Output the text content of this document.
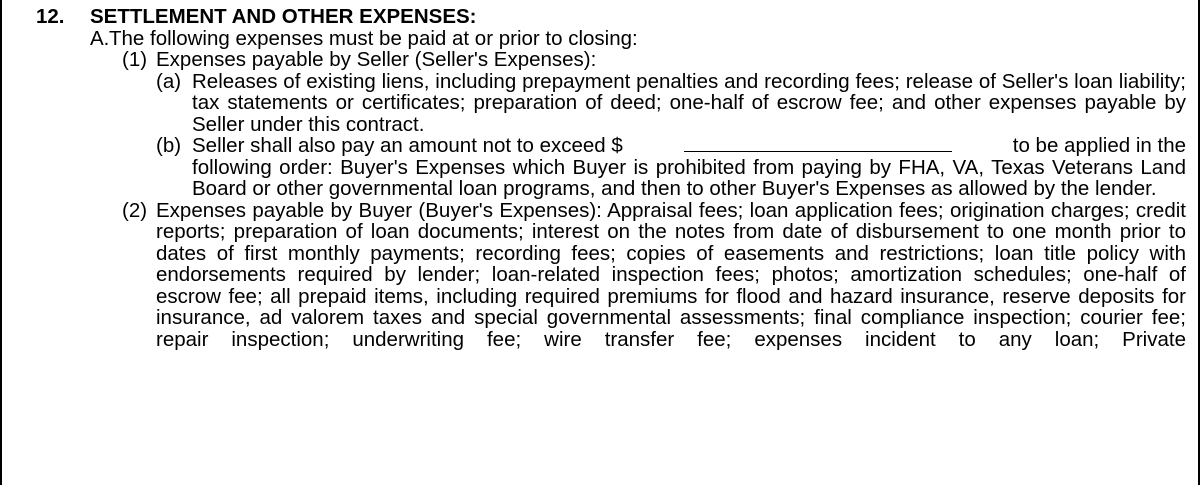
12.	SETTLEMENT AND OTHER EXPENSES:
A. The following expenses must be paid at or prior to closing:
(1) Expenses payable by Seller (Seller's Expenses):
(a) Releases of existing liens, including prepayment penalties and recording fees; release of Seller's loan liability; tax statements or certificates; preparation of deed; one-half of escrow fee; and other expenses payable by Seller under this contract.
(b) Seller shall also pay an amount not to exceed $	to be applied in the
following order: Buyer's Expenses which Buyer is prohibited from paying by FHA, VA, Texas Veterans Land Board or other governmental loan programs, and then to other Buyer's Expenses as allowed by the lender.
(2) Expenses payable by Buyer (Buyer's Expenses): Appraisal fees; loan application fees; origination charges; credit reports; preparation of loan documents; interest on the notes from date of disbursement to one month prior to dates of first monthly payments; recording fees; copies of easements and restrictions; loan title policy with endorsements required by lender; loan-related inspection fees; photos; amortization schedules; one-half of escrow fee; all prepaid items, including required premiums for flood and hazard insurance, reserve deposits for insurance, ad valorem taxes and special governmental assessments; final compliance inspection; courier fee; repair inspection; underwriting fee; wire transfer fee; expenses incident to any loan; Private
